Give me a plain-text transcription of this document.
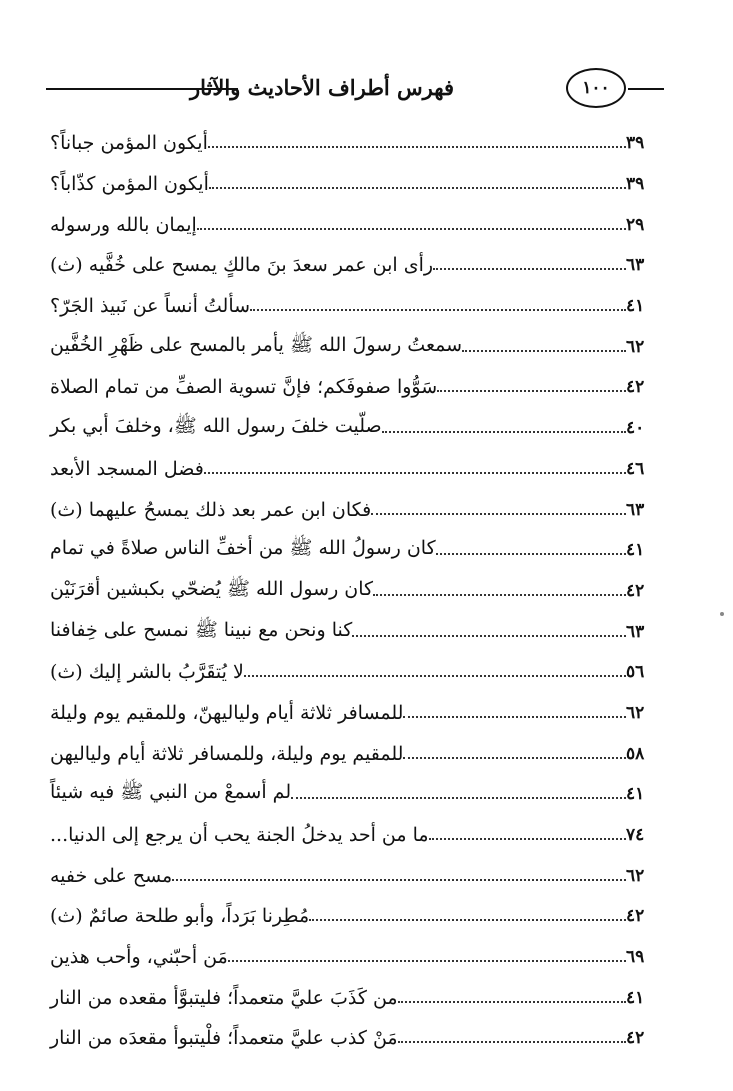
فهرس أطراف الأحاديث والآثار	١٠٠
أيكون المؤمن جباناً؟	٣٩
أيكون المؤمن كذّاباً؟	٣٩
إيمان بالله ورسوله	٢٩
رأى ابن عمر سعدَ بنَ مالكٍ يمسح على خُفَّيه (ث)	٦٣
سألتُ أنساً عن نَبيذ الجَرّ؟	٤١
سمعتُ رسولَ الله ﷺ يأمر بالمسح على ظَهْرِ الخُفَّين	٦٢
سَوُّوا صفوفَكم؛ فإنَّ تسوية الصفِّ من تمام الصلاة	٤٢
صلّيت خلفَ رسول الله ﷺ، وخلفَ أبي بكر	٤٠
فضل المسجد الأبعد	٤٦
فكان ابن عمر بعد ذلك يمسحُ عليهما (ث)	٦٣
كان رسولُ الله ﷺ من أخفِّ الناس صلاةً في تمام	٤١
كان رسول الله ﷺ يُضحّي بكبشين أقرَنَيْن	٤٢
كنا ونحن مع نبينا ﷺ نمسح على خِفافنا	٦٣
لا يُتقَرَّبُ بالشر إليك (ث)	٥٦
للمسافر ثلاثة أيام ولياليهنّ، وللمقيم يوم وليلة	٦٢
للمقيم يوم وليلة، وللمسافر ثلاثة أيام ولياليهن	٥٨
لم أسمعْ من النبي ﷺ فيه شيئاً	٤١
ما من أحد يدخلُ الجنة يحب أن يرجع إلى الدنيا...	٧٤
مسح على خفيه	٦٢
مُطِرنا بَرَداً، وأبو طلحة صائمٌ (ث)	٤٢
مَن أحبّني، وأحب هذين	٦٩
من كَذَبَ عليَّ متعمداً؛ فليتبوَّأ مقعده من النار	٤١
مَنْ كذب عليَّ متعمداً؛ فلْيتبوأ مقعدَه من النار	٤٢
